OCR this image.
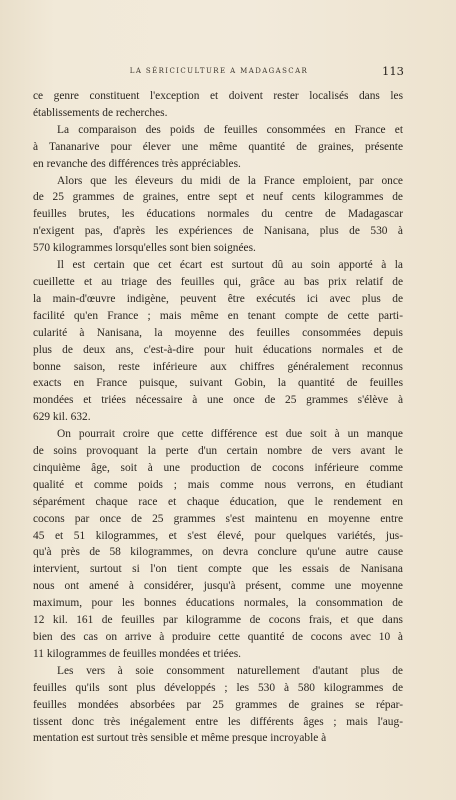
LA SÉRICICULTURE A MADAGASCAR	113
ce genre constituent l'exception et doivent rester localisés dans les
établissements de recherches.
La comparaison des poids de feuilles consommées en France et
à Tananarive pour élever une même quantité de graines, présente
en revanche des différences très appréciables.
Alors que les éleveurs du midi de la France emploient, par once
de 25 grammes de graines, entre sept et neuf cents kilogrammes de
feuilles brutes, les éducations normales du centre de Madagascar
n'exigent pas, d'après les expériences de Nanisana, plus de 530 à
570 kilogrammes lorsqu'elles sont bien soignées.
Il est certain que cet écart est surtout dû au soin apporté à la
cueillette et au triage des feuilles qui, grâce au bas prix relatif de
la main-d'œuvre indigène, peuvent être exécutés ici avec plus de
facilité qu'en France ; mais même en tenant compte de cette parti-
cularité à Nanisana, la moyenne des feuilles consommées depuis
plus de deux ans, c'est-à-dire pour huit éducations normales et de
bonne saison, reste inférieure aux chiffres généralement reconnus
exacts en France puisque, suivant Gobin, la quantité de feuilles
mondées et triées nécessaire à une once de 25 grammes s'élève à
629 kil. 632.
On pourrait croire que cette différence est due soit à un manque
de soins provoquant la perte d'un certain nombre de vers avant le
cinquième âge, soit à une production de cocons inférieure comme
qualité et comme poids ; mais comme nous verrons, en étudiant
séparément chaque race et chaque éducation, que le rendement en
cocons par once de 25 grammes s'est maintenu en moyenne entre
45 et 51 kilogrammes, et s'est élevé, pour quelques variétés, jus-
qu'à près de 58 kilogrammes, on devra conclure qu'une autre cause
intervient, surtout si l'on tient compte que les essais de Nanisana
nous ont amené à considérer, jusqu'à présent, comme une moyenne
maximum, pour les bonnes éducations normales, la consommation de
12 kil. 161 de feuilles par kilogramme de cocons frais, et que dans
bien des cas on arrive à produire cette quantité de cocons avec 10 à
11 kilogrammes de feuilles mondées et triées.
Les vers à soie consomment naturellement d'autant plus de
feuilles qu'ils sont plus développés ; les 530 à 580 kilogrammes de
feuilles mondées absorbées par 25 grammes de graines se répar-
tissent donc très inégalement entre les différents âges ; mais l'aug-
mentation est surtout très sensible et même presque incroyable à
